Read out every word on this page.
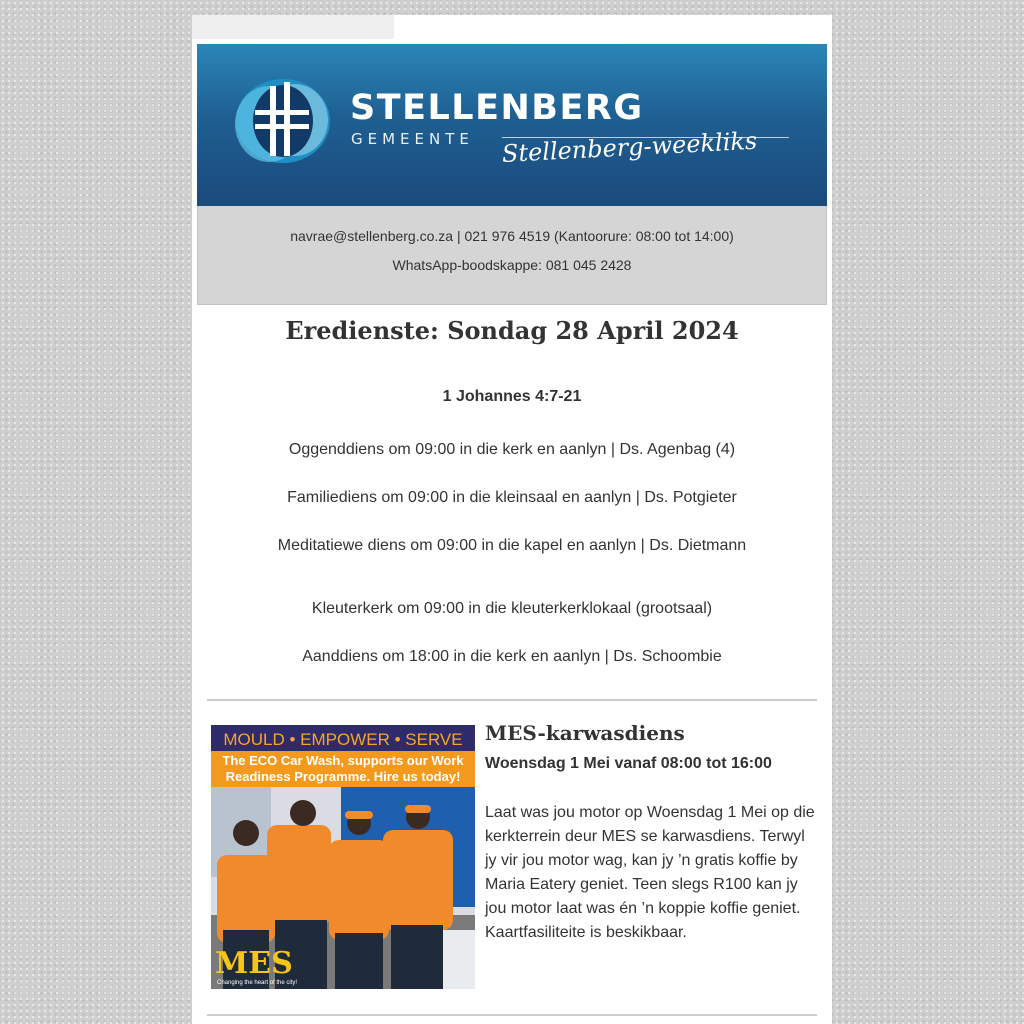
STELLENBERG
GEMEENTE Stellenberg-weekliks
navrae@stellenberg.co.za | 021 976 4519 (Kantoorure: 08:00 tot 14:00)
WhatsApp-boodskappe: 081 045 2428
Eredienste: Sondag 28 April 2024
1 Johannes 4:7-21
Oggenddiens om 09:00 in die kerk en aanlyn | Ds. Agenbag (4)
Familiediens om 09:00 in die kleinsaal en aanlyn | Ds. Potgieter
Meditatiewe diens om 09:00 in die kapel en aanlyn | Ds. Dietmann
Kleuterkerk om 09:00 in die kleuterkerklokaal (grootsaal)
Aanddiens om 18:00 in die kerk en aanlyn | Ds. Schoombie
MOULD • EMPOWER • SERVE
The ECO Car Wash, supports our Work
Readiness Programme. Hire us today!
MES
Changing the heart of the city!
MES-karwasdiens
Woensdag 1 Mei vanaf 08:00 tot 16:00
Laat was jou motor op Woensdag 1 Mei op die kerkterrein deur MES se karwasdiens. Terwyl jy vir jou motor wag, kan jy ’n gratis koffie by Maria Eatery geniet. Teen slegs R100 kan jy jou motor laat was én ’n koppie koffie geniet. Kaartfasiliteite is beskikbaar.
